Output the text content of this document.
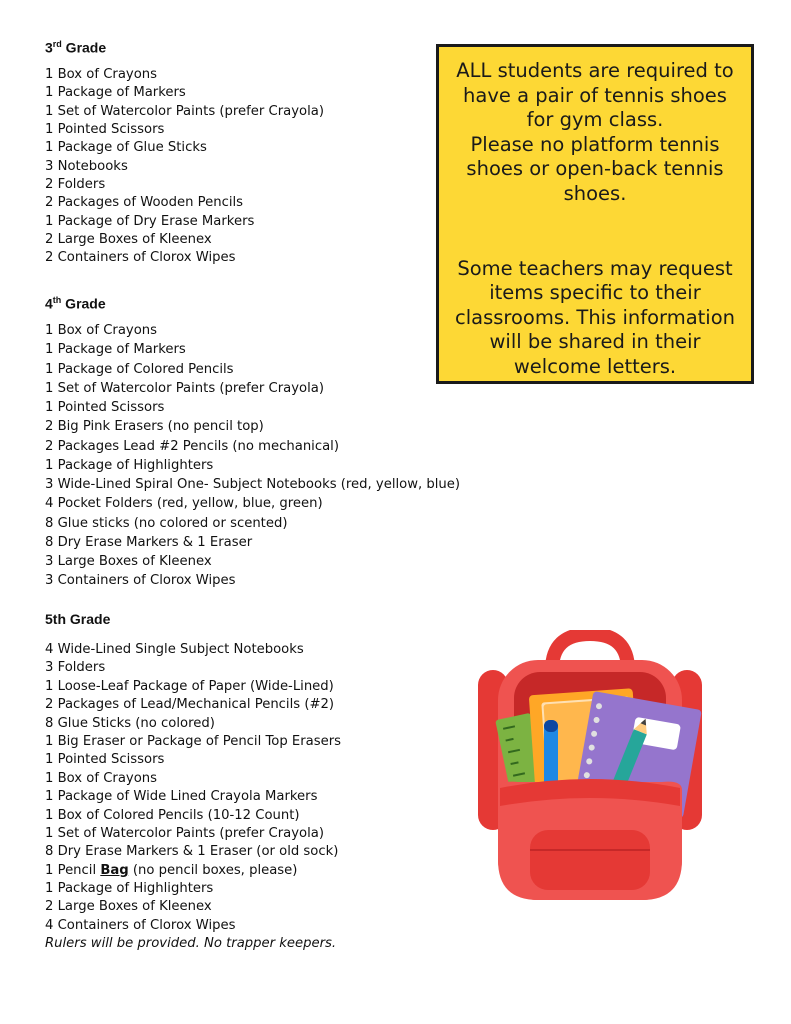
3rd Grade
1 Box of Crayons
1 Package of Markers
1 Set of Watercolor Paints (prefer Crayola)
1 Pointed Scissors
1 Package of Glue Sticks
3 Notebooks
2 Folders
2 Packages of Wooden Pencils
1 Package of Dry Erase Markers
2 Large Boxes of Kleenex
2 Containers of Clorox Wipes
4th Grade
1 Box of Crayons
1 Package of Markers
1 Package of Colored Pencils
1 Set of Watercolor Paints (prefer Crayola)
1 Pointed Scissors
2 Big Pink Erasers (no pencil top)
2 Packages Lead #2 Pencils (no mechanical)
1 Package of Highlighters
3 Wide-Lined Spiral One- Subject Notebooks (red, yellow, blue)
4 Pocket Folders (red, yellow, blue, green)
8 Glue sticks (no colored or scented)
8 Dry Erase Markers & 1 Eraser
3 Large Boxes of Kleenex
3 Containers of Clorox Wipes
5th Grade
4 Wide-Lined Single Subject Notebooks
3 Folders
1 Loose-Leaf Package of Paper (Wide-Lined)
2 Packages of Lead/Mechanical Pencils (#2)
8 Glue Sticks (no colored)
1 Big Eraser or Package of Pencil Top Erasers
1 Pointed Scissors
1 Box of Crayons
1 Package of Wide Lined Crayola Markers
1 Box of Colored Pencils (10-12 Count)
1 Set of Watercolor Paints (prefer Crayola)
8 Dry Erase Markers & 1 Eraser (or old sock)
1 Pencil Bag (no pencil boxes, please)
1 Package of Highlighters
2 Large Boxes of Kleenex
4 Containers of Clorox Wipes
Rulers will be provided. No trapper keepers.

ALL students are required to have a pair of tennis shoes for gym class.

Please no platform tennis shoes or open-back tennis shoes.

Some teachers may request items specific to their classrooms. This information will be shared in their welcome letters.
